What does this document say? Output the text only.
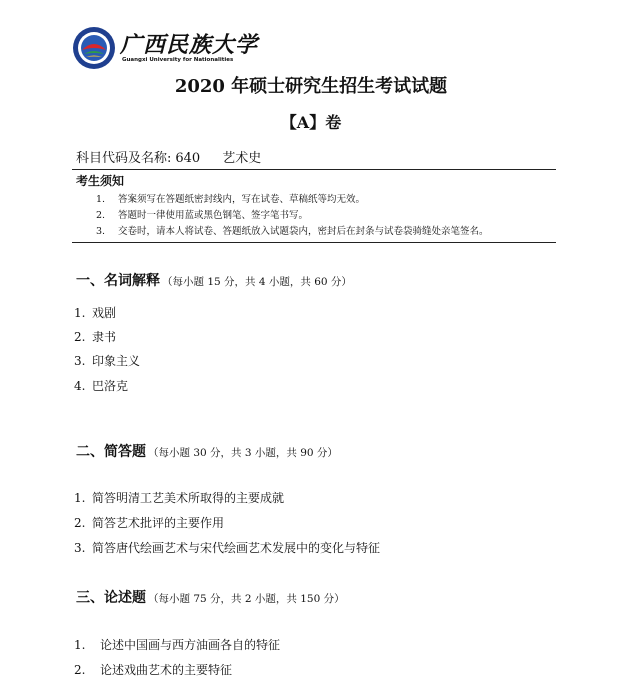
广西民族大学
Guangxi University for Nationalities
2020 年硕士研究生招生考试试题
【A】卷
科目代码及名称: 640 艺术史
考生须知
1. 答案须写在答题纸密封线内，写在试卷、草稿纸等均无效。
2. 答题时一律使用蓝或黑色钢笔、签字笔书写。
3. 交卷时，请本人将试卷、答题纸放入试题袋内，密封后在封条与试卷袋骑缝处亲笔签名。
一、名词解释 （每小题 15 分，共 4 小题，共 60 分）
1. 戏剧
2. 隶书
3. 印象主义
4. 巴洛克
二、简答题 （每小题 30 分，共 3 小题，共 90 分）
1. 简答明清工艺美术所取得的主要成就
2. 简答艺术批评的主要作用
3. 简答唐代绘画艺术与宋代绘画艺术发展中的变化与特征
三、论述题 （每小题 75 分，共 2 小题，共 150 分）
1. 论述中国画与西方油画各自的特征
2. 论述戏曲艺术的主要特征
